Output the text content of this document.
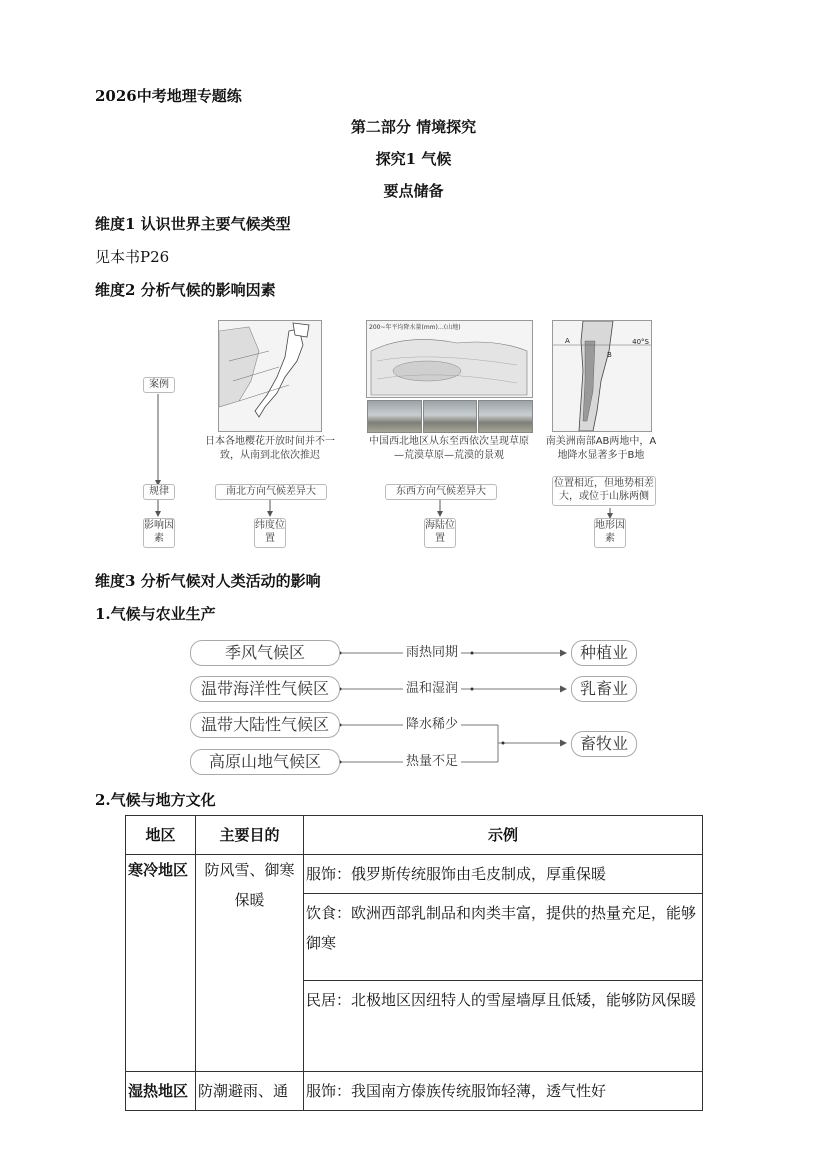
2026中考地理专题练
第二部分 情境探究
探究1 气候
要点储备
维度1 认识世界主要气候类型
见本书P26
维度2 分析气候的影响因素
案例
规律
影响因素
日本各地樱花开放时间并不一致，从南到北依次推迟
南北方向气候差异大
纬度位置
200~年平均降水量(mm)…(山地)
中国西北地区从东至西依次呈现草原—荒漠草原—荒漠的景观
东西方向气候差异大
海陆位置
A
B
40°S
南美洲南部AB两地中，A地降水显著多于B地
位置相近，但地势相差大，或位于山脉两侧
地形因素
维度3 分析气候对人类活动的影响
1.气候与农业生产
季风气候区
温带海洋性气候区
温带大陆性气候区
高原山地气候区
雨热同期
温和湿润
降水稀少
热量不足
种植业
乳畜业
畜牧业
2.气候与地方文化
地区	主要目的	示例
寒冷地区	防风雪、御寒保暖	服饰：俄罗斯传统服饰由毛皮制成，厚重保暖
		饮食：欧洲西部乳制品和肉类丰富，提供的热量充足，能够御寒
		民居：北极地区因纽特人的雪屋墙厚且低矮，能够防风保暖
湿热地区	防潮避雨、通	服饰：我国南方傣族传统服饰轻薄，透气性好
